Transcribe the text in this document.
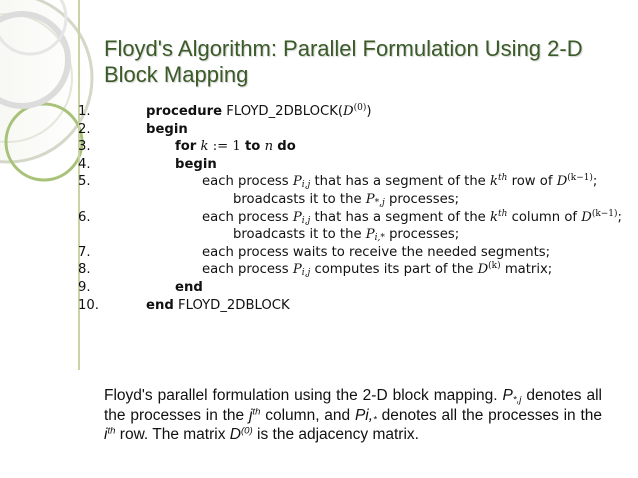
Floyd's Algorithm: Parallel Formulation Using 2-D Block Mapping
1.	procedure $FLOYD\_2DBLOCK(D^{(0)})$
2.	begin
3.	for k := 1 to n do
4.	begin
5.	each process $P_{i,j}$ that has a segment of the $k^{th}$ row of $D^{(k-1)}$;
broadcasts it to the $P_{*,j}$ processes;
6.	each process $P_{i,j}$ that has a segment of the $k^{th}$ column of $D^{(k-1)}$;
broadcasts it to the $P_{i,*}$ processes;
7.	each process waits to receive the needed segments;
8.	each process $P_{i,j}$ computes its part of the $D^{(k)}$ matrix;
9.	end
10.	end FLOYD_2DBLOCK
Floyd's parallel formulation using the 2-D block mapping. $P_{*,j}$ denotes all the processes in the $j^{th}$ column, and $Pi,_*$ denotes all the processes in the $i^{th}$ row. The matrix $D^{(0)}$ is the adjacency matrix.
